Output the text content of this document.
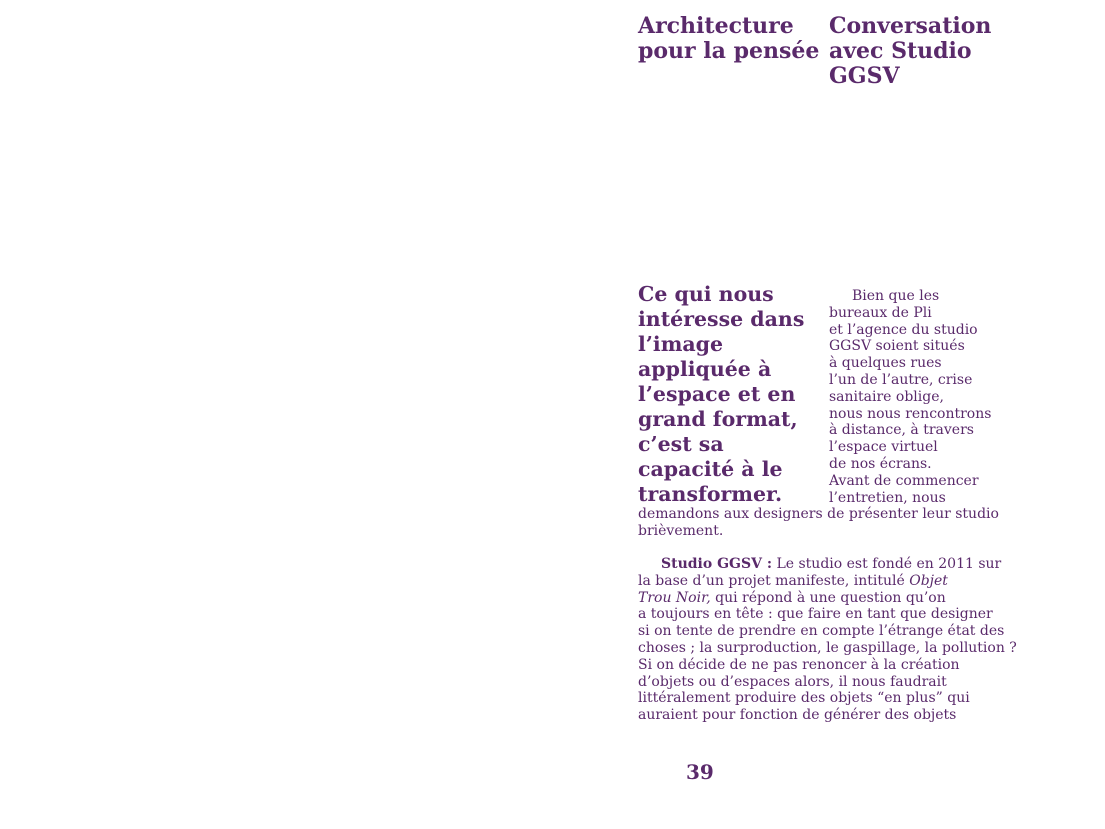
Architecture pour la pensée
Conversation avec Studio GGSV

Ce qui nous intéresse dans l’image appliquée à l’espace et en grand format, c’est sa capacité à le transformer.

Bien que les
bureaux de Pli
et l’agence du studio
GGSV soient situés
à quelques rues
l’un de l’autre, crise
sanitaire oblige,
nous nous rencontrons
à distance, à travers
l’espace virtuel
de nos écrans.
Avant de commencer
l’entretien, nous

demandons aux designers de présenter leur studio
brièvement.

Studio GGSV : Le studio est fondé en 2011 sur
la base d’un projet manifeste, intitulé Objet
Trou Noir, qui répond à une question qu’on
a toujours en tête : que faire en tant que designer
si on tente de prendre en compte l’étrange état des
choses ; la surproduction, le gaspillage, la pollution ?
Si on décide de ne pas renoncer à la création
d’objets ou d’espaces alors, il nous faudrait
littéralement produire des objets “en plus” qui
auraient pour fonction de générer des objets

39
